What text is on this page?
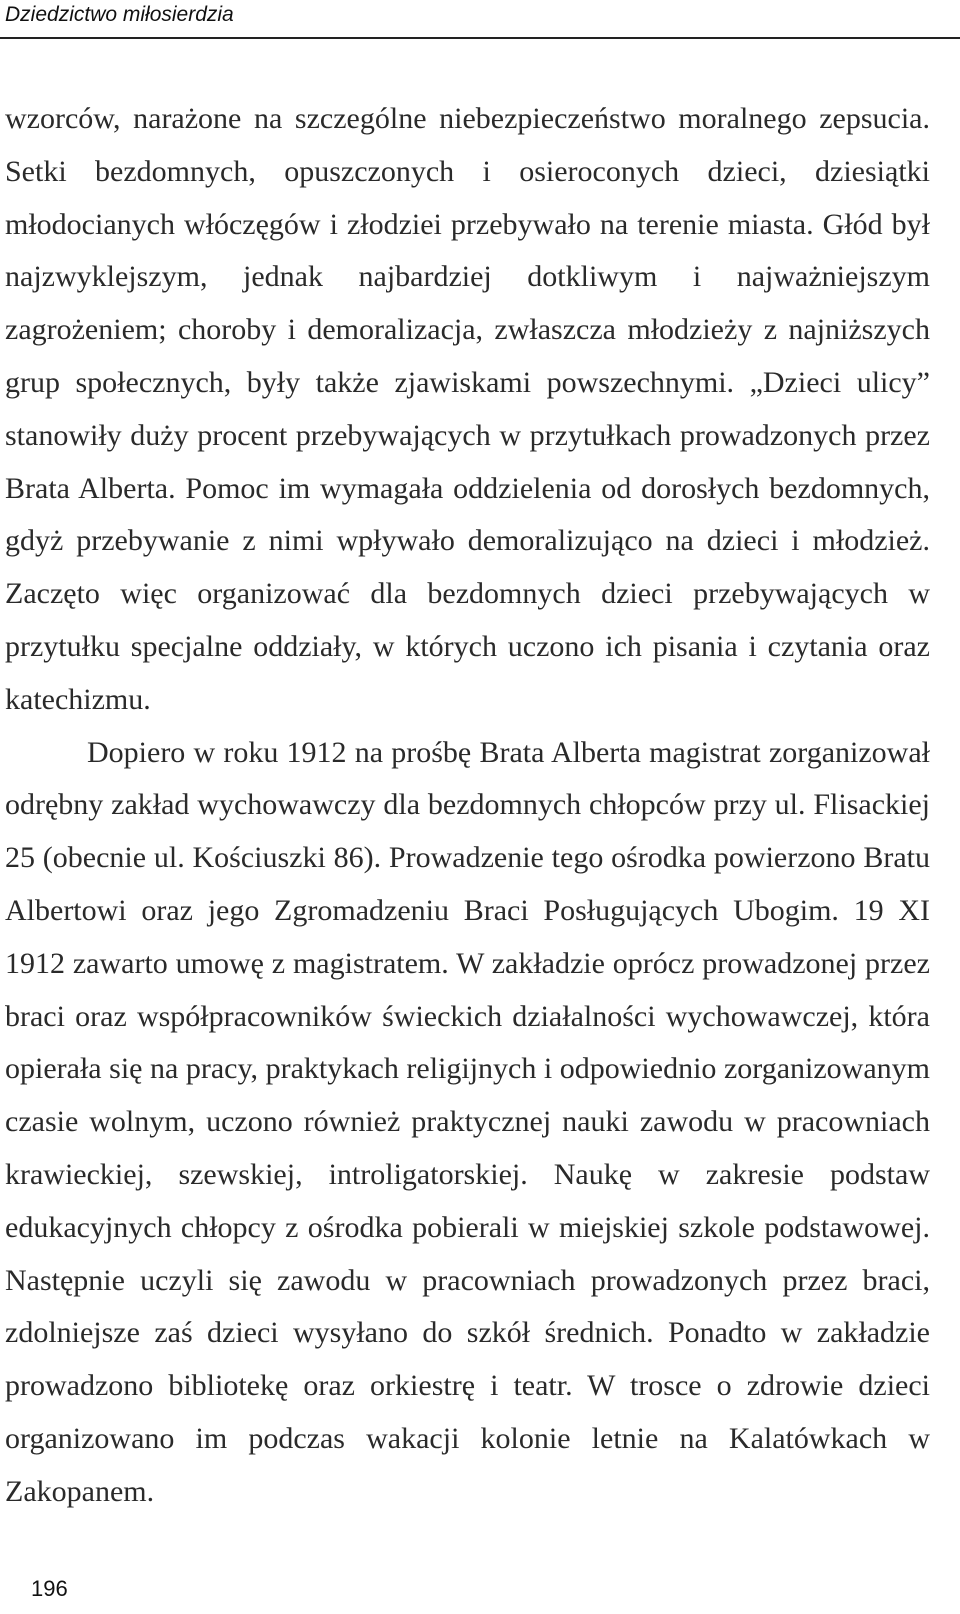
Dziedzictwo miłosierdzia

wzorców, narażone na szczególne niebezpieczeństwo moralnego zepsucia. Setki bezdomnych, opuszczonych i osieroconych dzieci, dziesiątki młodocianych włóczęgów i złodziei przebywało na terenie miasta. Głód był najzwyklejszym, jednak najbardziej dotkliwym i najważniejszym zagrożeniem; choroby i demoralizacja, zwłaszcza młodzieży z najniższych grup społecznych, były także zjawiskami powszechnymi. „Dzieci ulicy” stanowiły duży procent przebywających w przytułkach prowadzonych przez Brata Alberta. Pomoc im wymagała oddzielenia od dorosłych bezdomnych, gdyż przebywanie z nimi wpływało demoralizująco na dzieci i młodzież. Zaczęto więc organizować dla bezdomnych dzieci przebywających w przytułku specjalne oddziały, w których uczono ich pisania i czytania oraz katechizmu.

Dopiero w roku 1912 na prośbę Brata Alberta magistrat zorganizował odrębny zakład wychowawczy dla bezdomnych chłopców przy ul. Flisackiej 25 (obecnie ul. Kościuszki 86). Prowadzenie tego ośrodka powierzono Bratu Albertowi oraz jego Zgromadzeniu Braci Posługujących Ubogim. 19 XI 1912 zawarto umowę z magistratem. W zakładzie oprócz prowadzonej przez braci oraz współpracowników świeckich działalności wychowawczej, która opierała się na pracy, praktykach religijnych i odpowiednio zorganizowanym czasie wolnym, uczono również praktycznej nauki zawodu w pracowniach krawieckiej, szewskiej, introligatorskiej. Naukę w zakresie podstaw edukacyjnych chłopcy z ośrodka pobierali w miejskiej szkole podstawowej. Następnie uczyli się zawodu w pracowniach prowadzonych przez braci, zdolniejsze zaś dzieci wysyłano do szkół średnich. Ponadto w zakładzie prowadzono bibliotekę oraz orkiestrę i teatr. W trosce o zdrowie dzieci organizowano im podczas wakacji kolonie letnie na Kalatówkach w Zakopanem.

196
